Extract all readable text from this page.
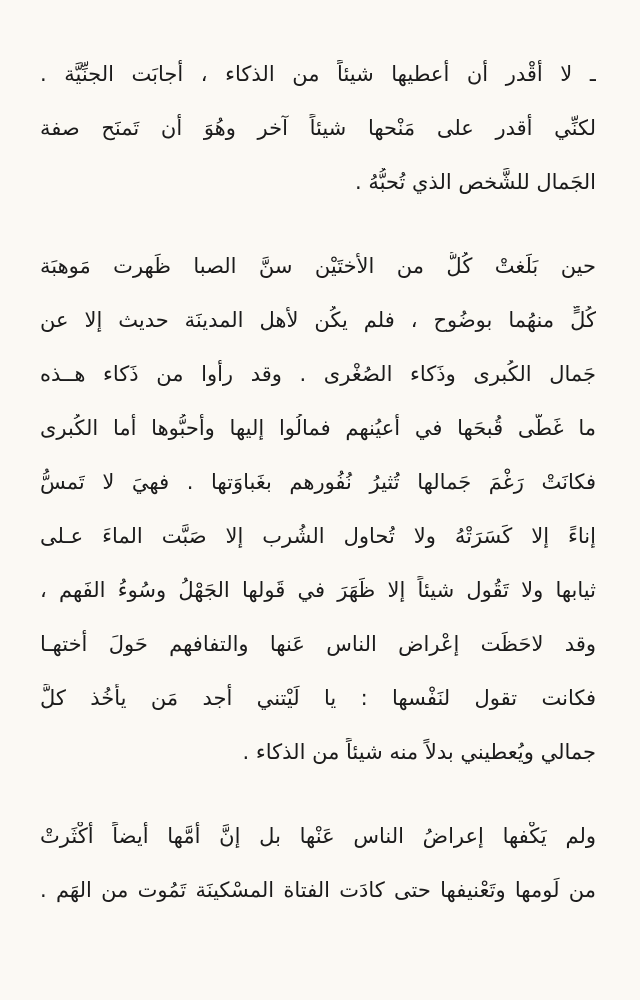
ـ لا أَقْدر أن أُعطيها شيئاً من الذكاء ، أَجابَت الجنِّيَّة .
لكنِّي أَقدر على مَنْحها شيئاً آخر وهُوَ أن تَمنَح صفة
الجَمال للشَّخص الذي تُحبُّهُ .
حين بَلَغتْ كُلُّ من الأُختَيْن سنَّ الصبا ظَهرت مَوهبَة
كُلٍّ منهُما بوضُوح ، فلم يكُن لأَهل المدينَة حديث إلا عن
جَمال الكُبرى وذَكاء الصُغْرى . وقد رأَوا من ذَكاء هــذه
ما غَطَّى قُبحَها في أَعيُنهم فمالُوا إليها وأَحبُّوها أما الكُبرى
فكانَتْ رَغْمَ جَمالها تُثيرُ نُفُورهم بغَباوَتها . فهيَ لا تَمسُّ
إناءً إلا كَسَرَتْهُ ولا تُحاول الشُرب إلا صَبَّت الماءَ عـلى
ثيابها ولا تَقُول شيئاً إلا ظَهَرَ في قَولها الجَهْلُ وسُوءُ الفَهم ،
وقد لاحَظَت إعْراض الناس عَنها والتفافهم حَولَ أُختهـا
فكانت تقول لنَفْسها : يا لَيْتني أَجد مَن يأْخُذ كلَّ
جمالي ويُعطيني بدلاً منه شيئاً من الذكاء .
ولم يَكْفها إعراضُ الناس عَنْها بل إنَّ أُمَّها أيضاً أَكْثَرتْ
من لَومها وتَعْنيفها حتى كادَت الفتاة المسْكينَة تَمُوت من الهَم .
